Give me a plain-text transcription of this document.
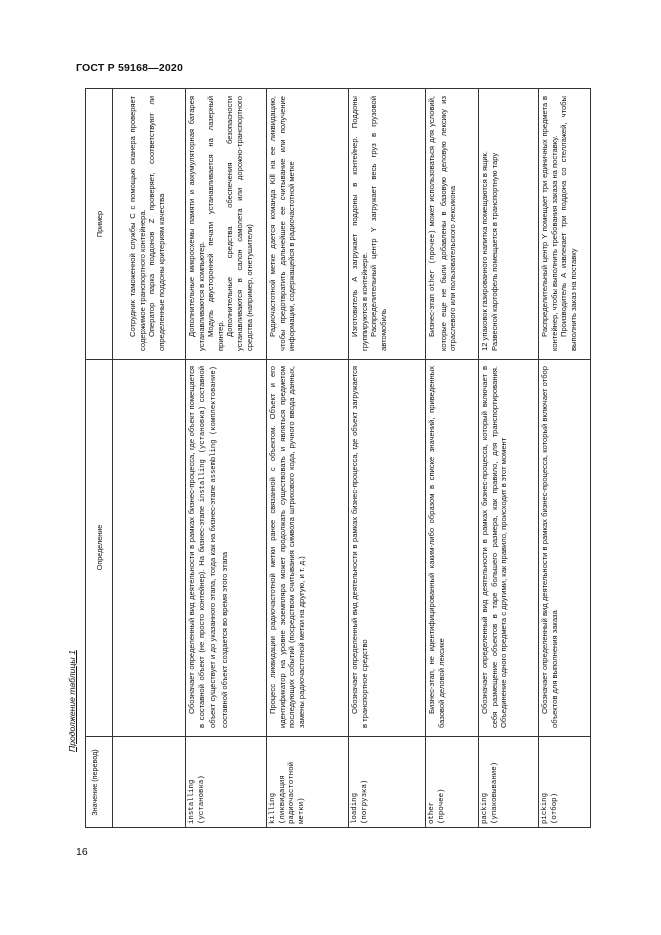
ГОСТ Р 59168—2020
Продолжение таблицы 1
Пример
Определение
Значение (перевод)

Сотрудник таможенной службы C с помощью сканера проверяет содержимое транспортного контейнера. Оператор парка поддонов Z проверяет, соответствуют ли определенные поддоны критериям качества	Дополнительные микросхемы памяти и аккумуляторная батарея устанавливаются в компьютер. Модуль двусторонней печати устанавливается на лазерный принтер. Дополнительные средства обеспечения безопасности устанавливаются в салон самолета или дорожно-транспортного средства (например, огнетушители)

Обозначает определенный вид деятельности в рамках бизнес-процесса, где объект помещается в составной объект (не просто контейнер). На бизнес-этапе installing (установка) составной объект существует и до указанного этапа, тогда как на бизнес-этапе assembling (комплектование) составной объект создается во время этого этапа

installing (установка)

Радиочастотной метке дается команда Kill на ее ликвидацию, чтобы предотвратить дальнейшее ее считывание или получение информации, содержащейся в радиочастотной метке

Процесс ликвидации радиочастотной метки ранее связанной с объектом. Объект и его идентификатор на уровне экземпляра может продолжать существовать и являться предметом последующих событий (посредством считывания символа штрихового кода, ручного ввода данных, замены радиочастотной метки на другую, и т. д.)

killing (ликвидация радиочастотной метки)

Изготовитель A загружает поддоны в контейнер. Поддоны группируются в контейнере. Распределительный центр Y загружает весь груз в грузовой автомобиль

Обозначает определенный вид деятельности в рамках бизнес-процесса, где объект загружается в транспортное средство

loading (погрузка)

Бизнес-этап other (прочее) может использоваться для условий, которые еще не были добавлены в базовую деловую лексику из отраслевого или пользовательского лексикона

Бизнес-этап, не идентифицированный каким-либо образом в списке значений, приведенных базовой деловой лексике

other (прочее)

12 упаковок газированного напитка помещаются в ящик. Развесной картофель помещается в транспортную тару

Обозначает определенный вид деятельности в рамках бизнес-процесса, который включает в себя размещение объектов в таре большего размера, как правило, для транспортирования. Объединение одного предмета с другими, как правило, происходит в этот момент

packing (упаковывание)

Распределительный центр Y помещает три единичных предмета в контейнер, чтобы выполнить требования заказа на поставку. Производитель A извлекает три поддона со стеллажей, чтобы выполнить заказ на поставку

Обозначает определенный вид деятельности в рамках бизнес-процесса, который включает отбор объектов для выполнения заказа

picking (отбор)
16
